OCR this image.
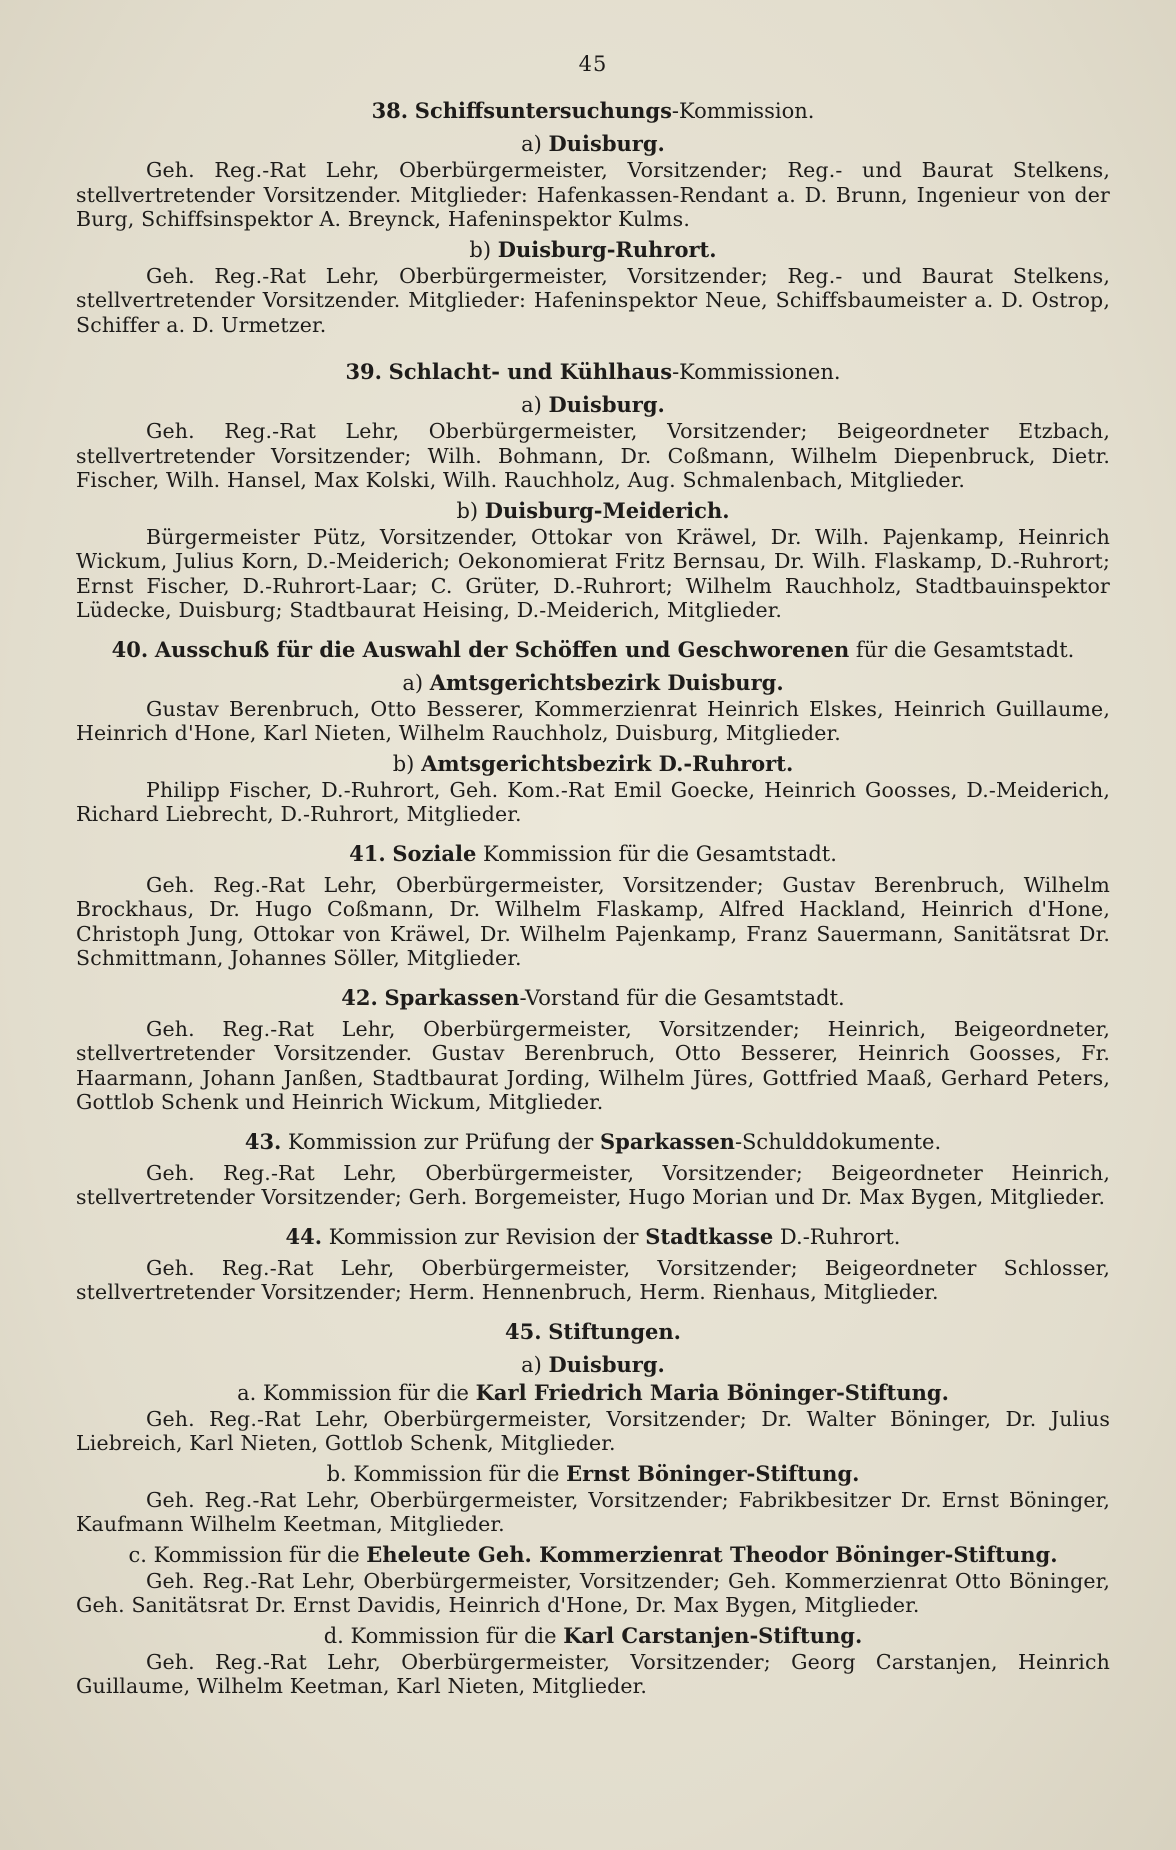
45
38. Schiffsuntersuchungs-Kommission.
a) Duisburg.

Geh. Reg.-Rat Lehr, Oberbürgermeister, Vorsitzender; Reg.- und Baurat Stelkens, stellvertretender Vorsitzender. Mitglieder: Hafenkassen-Rendant a. D. Brunn, Ingenieur von der Burg, Schiffsinspektor A. Breynck, Hafeninspektor Kulms.

b) Duisburg-Ruhrort.

Geh. Reg.-Rat Lehr, Oberbürgermeister, Vorsitzender; Reg.- und Baurat Stelkens, stellvertretender Vorsitzender. Mitglieder: Hafeninspektor Neue, Schiffsbaumeister a. D. Ostrop, Schiffer a. D. Urmetzer.

39. Schlacht- und Kühlhaus-Kommissionen.
a) Duisburg.

Geh. Reg.-Rat Lehr, Oberbürgermeister, Vorsitzender; Beigeordneter Etzbach, stellvertretender Vorsitzender; Wilh. Bohmann, Dr. Coßmann, Wilhelm Diepenbruck, Dietr. Fischer, Wilh. Hansel, Max Kolski, Wilh. Rauchholz, Aug. Schmalenbach, Mitglieder.

b) Duisburg-Meiderich.

Bürgermeister Pütz, Vorsitzender, Ottokar von Kräwel, Dr. Wilh. Pajenkamp, Heinrich Wickum, Julius Korn, D.-Meiderich; Oekonomierat Fritz Bernsau, Dr. Wilh. Flaskamp, D.-Ruhrort; Ernst Fischer, D.-Ruhrort-Laar; C. Grüter, D.-Ruhrort; Wilhelm Rauchholz, Stadtbauinspektor Lüdecke, Duisburg; Stadtbaurat Heising, D.-Meiderich, Mitglieder.

40. Ausschuß für die Auswahl der Schöffen und Geschworenen für die Gesamtstadt.
a) Amtsgerichtsbezirk Duisburg.

Gustav Berenbruch, Otto Besserer, Kommerzienrat Heinrich Elskes, Heinrich Guillaume, Heinrich d'Hone, Karl Nieten, Wilhelm Rauchholz, Duisburg, Mitglieder.

b) Amtsgerichtsbezirk D.-Ruhrort.

Philipp Fischer, D.-Ruhrort, Geh. Kom.-Rat Emil Goecke, Heinrich Goosses, D.-Meiderich, Richard Liebrecht, D.-Ruhrort, Mitglieder.

41. Soziale Kommission für die Gesamtstadt.

Geh. Reg.-Rat Lehr, Oberbürgermeister, Vorsitzender; Gustav Berenbruch, Wilhelm Brockhaus, Dr. Hugo Coßmann, Dr. Wilhelm Flaskamp, Alfred Hackland, Heinrich d'Hone, Christoph Jung, Ottokar von Kräwel, Dr. Wilhelm Pajenkamp, Franz Sauermann, Sanitätsrat Dr. Schmittmann, Johannes Söller, Mitglieder.

42. Sparkassen-Vorstand für die Gesamtstadt.

Geh. Reg.-Rat Lehr, Oberbürgermeister, Vorsitzender; Heinrich, Beigeordneter, stellvertretender Vorsitzender. Gustav Berenbruch, Otto Besserer, Heinrich Goosses, Fr. Haarmann, Johann Janßen, Stadtbaurat Jording, Wilhelm Jüres, Gottfried Maaß, Gerhard Peters, Gottlob Schenk und Heinrich Wickum, Mitglieder.

43. Kommission zur Prüfung der Sparkassen-Schulddokumente.

Geh. Reg.-Rat Lehr, Oberbürgermeister, Vorsitzender; Beigeordneter Heinrich, stellvertretender Vorsitzender; Gerh. Borgemeister, Hugo Morian und Dr. Max Bygen, Mitglieder.

44. Kommission zur Revision der Stadtkasse D.-Ruhrort.

Geh. Reg.-Rat Lehr, Oberbürgermeister, Vorsitzender; Beigeordneter Schlosser, stellvertretender Vorsitzender; Herm. Hennenbruch, Herm. Rienhaus, Mitglieder.

45. Stiftungen.
a) Duisburg.
a. Kommission für die Karl Friedrich Maria Böninger-Stiftung.

Geh. Reg.-Rat Lehr, Oberbürgermeister, Vorsitzender; Dr. Walter Böninger, Dr. Julius Liebreich, Karl Nieten, Gottlob Schenk, Mitglieder.

b. Kommission für die Ernst Böninger-Stiftung.

Geh. Reg.-Rat Lehr, Oberbürgermeister, Vorsitzender; Fabrikbesitzer Dr. Ernst Böninger, Kaufmann Wilhelm Keetman, Mitglieder.

c. Kommission für die Eheleute Geh. Kommerzienrat Theodor Böninger-Stiftung.

Geh. Reg.-Rat Lehr, Oberbürgermeister, Vorsitzender; Geh. Kommerzienrat Otto Böninger, Geh. Sanitätsrat Dr. Ernst Davidis, Heinrich d'Hone, Dr. Max Bygen, Mitglieder.

d. Kommission für die Karl Carstanjen-Stiftung.

Geh. Reg.-Rat Lehr, Oberbürgermeister, Vorsitzender; Georg Carstanjen, Heinrich Guillaume, Wilhelm Keetman, Karl Nieten, Mitglieder.
